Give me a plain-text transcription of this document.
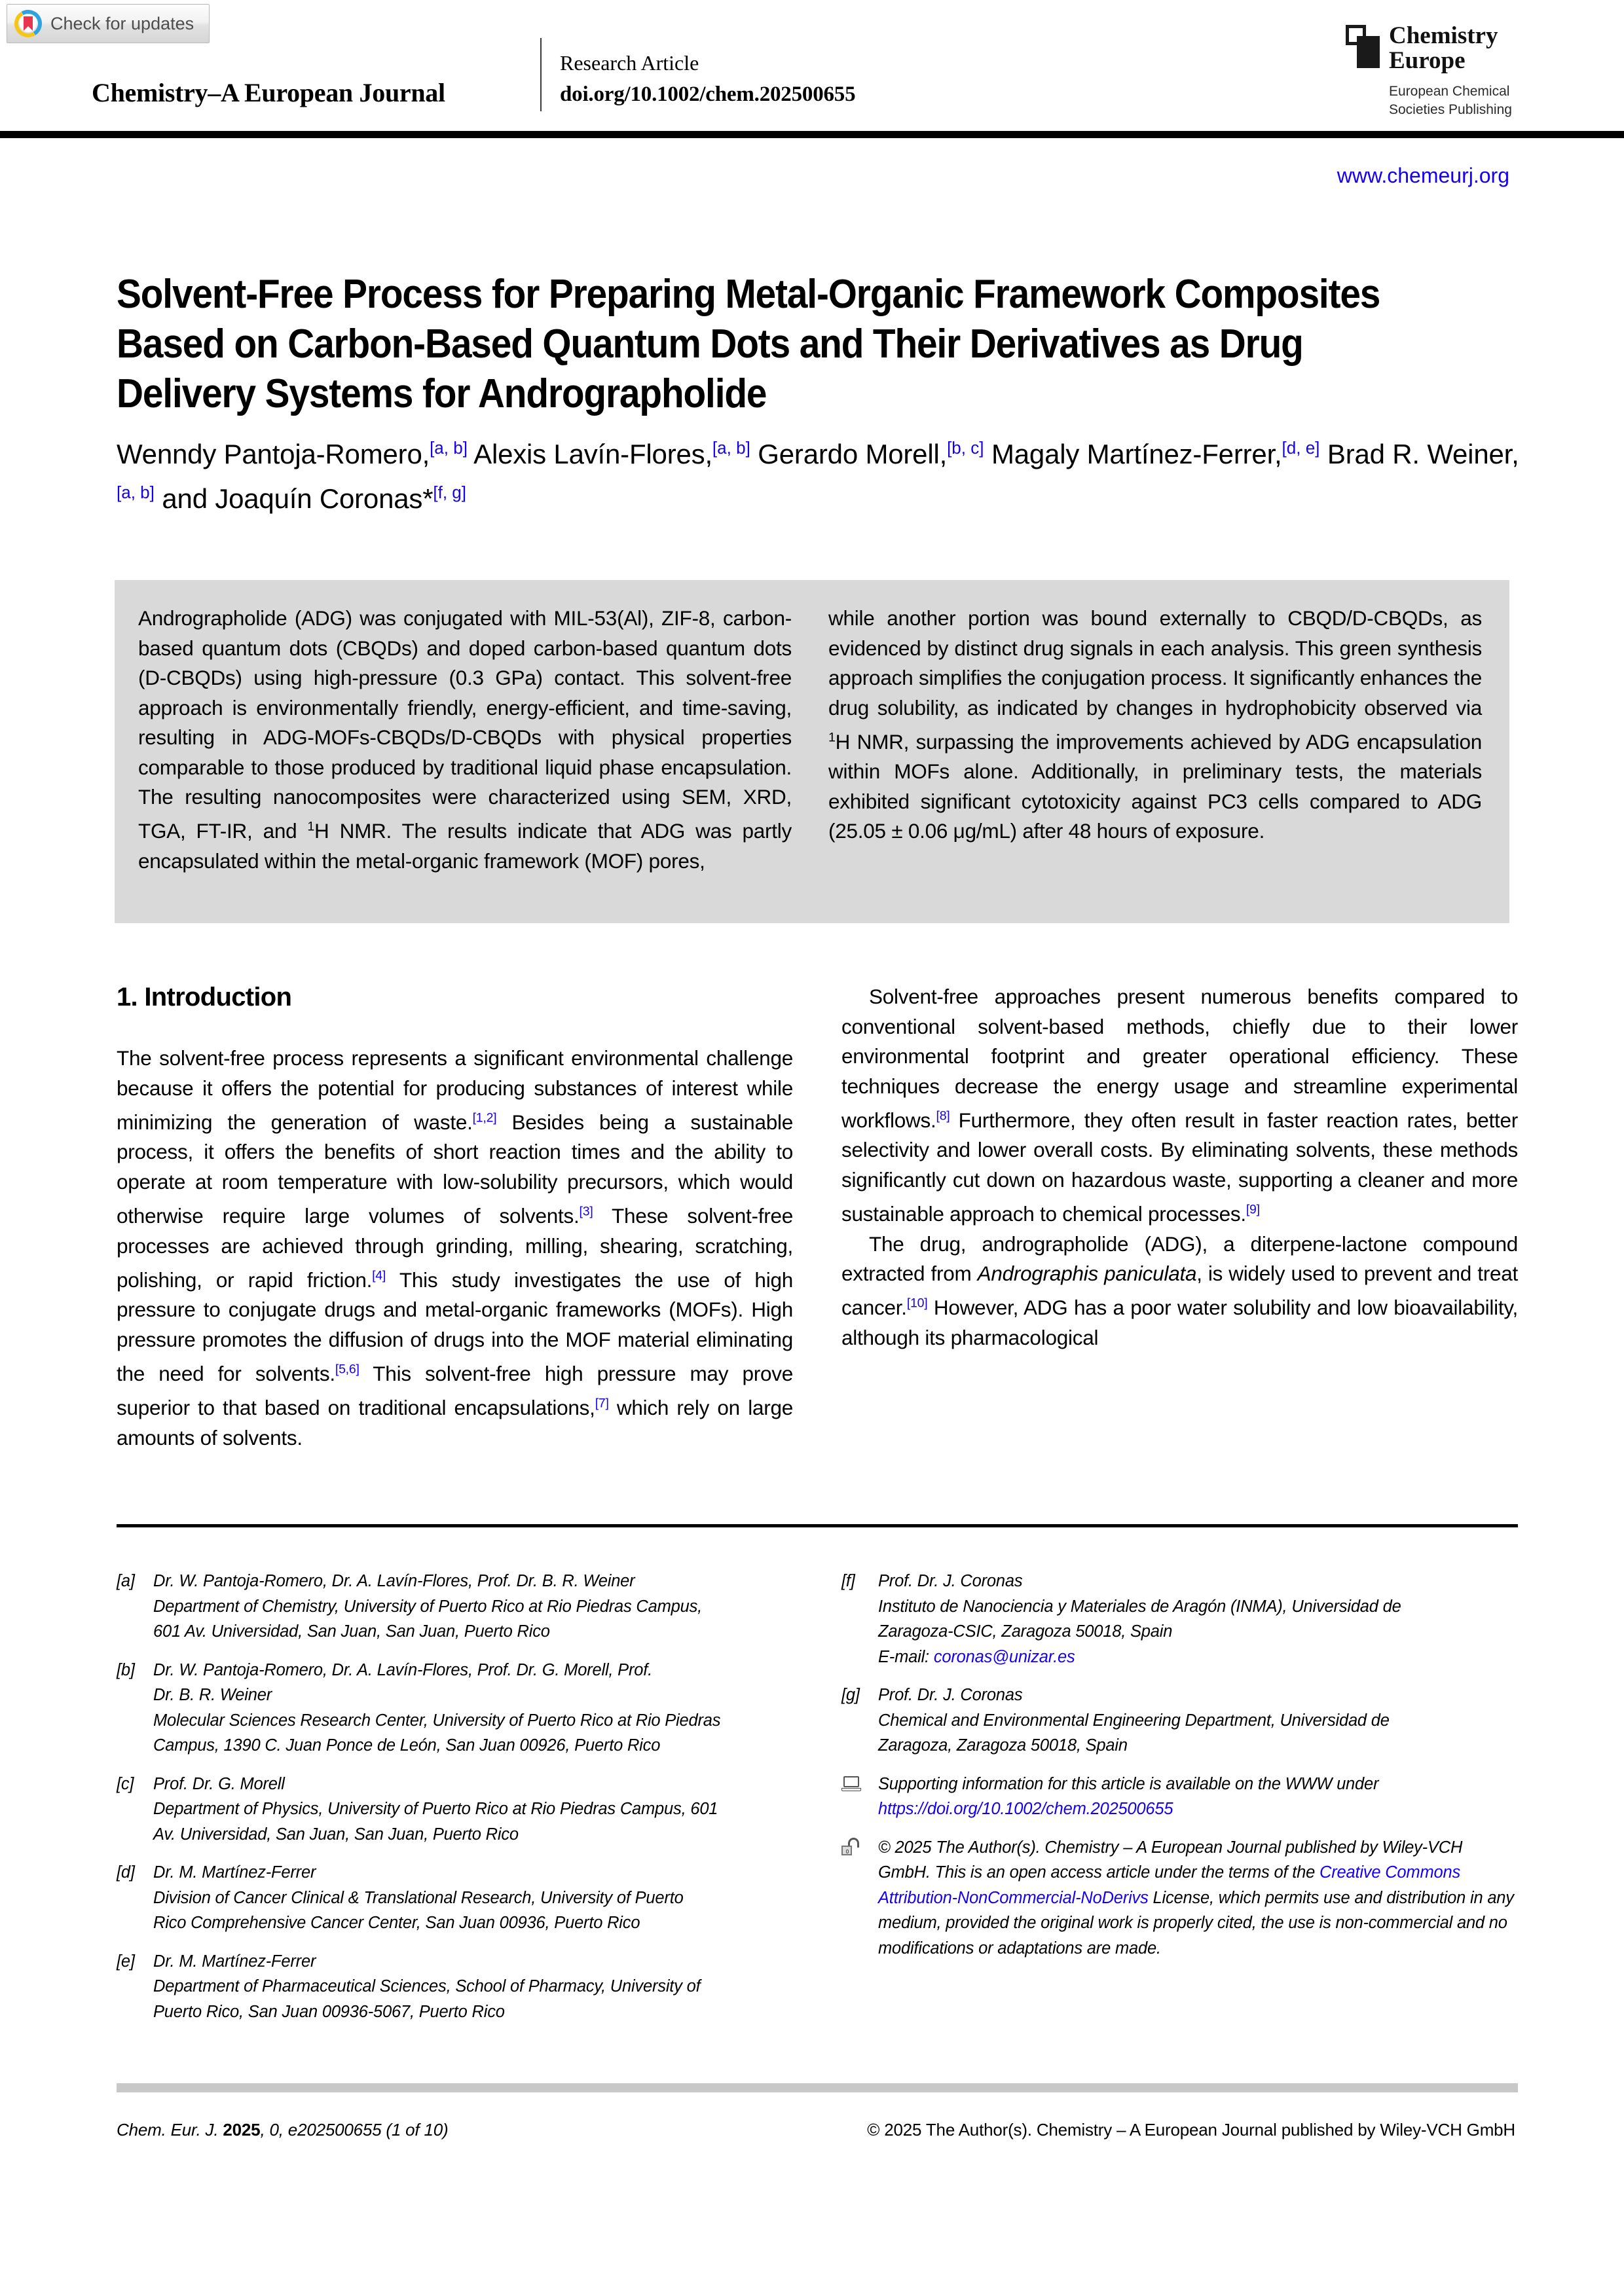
Check for updates
Chemistry–A European Journal
Research Article
doi.org/10.1002/chem.202500655
Chemistry
Europe
European Chemical
Societies Publishing
www.chemeurj.org
Solvent-Free Process for Preparing Metal-Organic Framework Composites Based on Carbon-Based Quantum Dots and Their Derivatives as Drug Delivery Systems for Andrographolide
Wenndy Pantoja-Romero,[a, b] Alexis Lavín-Flores,[a, b] Gerardo Morell,[b, c] Magaly Martínez-Ferrer,[d, e] Brad R. Weiner,[a, b] and Joaquín Coronas*[f, g]
Andrographolide (ADG) was conjugated with MIL-53(Al), ZIF-8, carbon-based quantum dots (CBQDs) and doped carbon-based quantum dots (D-CBQDs) using high-pressure (0.3 GPa) contact. This solvent-free approach is environmentally friendly, energy-efficient, and time-saving, resulting in ADG-MOFs-CBQDs/D-CBQDs with physical properties comparable to those produced by traditional liquid phase encapsulation. The resulting nanocomposites were characterized using SEM, XRD, TGA, FT-IR, and $^1$H NMR. The results indicate that ADG was partly encapsulated within the metal-organic framework (MOF) pores,
while another portion was bound externally to CBQD/D-CBQDs, as evidenced by distinct drug signals in each analysis. This green synthesis approach simplifies the conjugation process. It significantly enhances the drug solubility, as indicated by changes in hydrophobicity observed via $^1$H NMR, surpassing the improvements achieved by ADG encapsulation within MOFs alone. Additionally, in preliminary tests, the materials exhibited significant cytotoxicity against PC3 cells compared to ADG (25.05 ± 0.06 μg/mL) after 48 hours of exposure.
1. Introduction

The solvent-free process represents a significant environmental challenge because it offers the potential for producing substances of interest while minimizing the generation of waste.[1,2] Besides being a sustainable process, it offers the benefits of short reaction times and the ability to operate at room temperature with low-solubility precursors, which would otherwise require large volumes of solvents.[3] These solvent-free processes are achieved through grinding, milling, shearing, scratching, polishing, or rapid friction.[4] This study investigates the use of high pressure to conjugate drugs and metal-organic frameworks (MOFs). High pressure promotes the diffusion of drugs into the MOF material eliminating the need for solvents.[5,6] This solvent-free high pressure may prove superior to that based on traditional encapsulations,[7] which rely on large amounts of solvents.

Solvent-free approaches present numerous benefits compared to conventional solvent-based methods, chiefly due to their lower environmental footprint and greater operational efficiency. These techniques decrease the energy usage and streamline experimental workflows.[8] Furthermore, they often result in faster reaction rates, better selectivity and lower overall costs. By eliminating solvents, these methods significantly cut down on hazardous waste, supporting a cleaner and more sustainable approach to chemical processes.[9]

The drug, andrographolide (ADG), a diterpene-lactone compound extracted from Andrographis paniculata, is widely used to prevent and treat cancer.[10] However, ADG has a poor water solubility and low bioavailability, although its pharmacological

[a]	Dr. W. Pantoja-Romero, Dr. A. Lavín-Flores, Prof. Dr. B. R. Weiner
Department of Chemistry, University of Puerto Rico at Rio Piedras Campus,
601 Av. Universidad, San Juan, San Juan, Puerto Rico
[b]	Dr. W. Pantoja-Romero, Dr. A. Lavín-Flores, Prof. Dr. G. Morell, Prof.
Dr. B. R. Weiner
Molecular Sciences Research Center, University of Puerto Rico at Rio Piedras
Campus, 1390 C. Juan Ponce de León, San Juan 00926, Puerto Rico
[c]	Prof. Dr. G. Morell
Department of Physics, University of Puerto Rico at Rio Piedras Campus, 601
Av. Universidad, San Juan, San Juan, Puerto Rico
[d]	Dr. M. Martínez-Ferrer
Division of Cancer Clinical & Translational Research, University of Puerto
Rico Comprehensive Cancer Center, San Juan 00936, Puerto Rico
[e]	Dr. M. Martínez-Ferrer
Department of Pharmaceutical Sciences, School of Pharmacy, University of
Puerto Rico, San Juan 00936-5067, Puerto Rico
[f]	Prof. Dr. J. Coronas
Instituto de Nanociencia y Materiales de Aragón (INMA), Universidad de
Zaragoza-CSIC, Zaragoza 50018, Spain
E-mail: coronas@unizar.es
[g]	Prof. Dr. J. Coronas
Chemical and Environmental Engineering Department, Universidad de
Zaragoza, Zaragoza 50018, Spain
Supporting information for this article is available on the WWW under
https://doi.org/10.1002/chem.202500655
© 2025 The Author(s). Chemistry – A European Journal published by Wiley-VCH GmbH. This is an open access article under the terms of the Creative Commons Attribution-NonCommercial-NoDerivs License, which permits use and distribution in any medium, provided the original work is properly cited, the use is non-commercial and no modifications or adaptations are made.
Chem. Eur. J. 2025, 0, e202500655 (1 of 10)	© 2025 The Author(s). Chemistry – A European Journal published by Wiley-VCH GmbH
